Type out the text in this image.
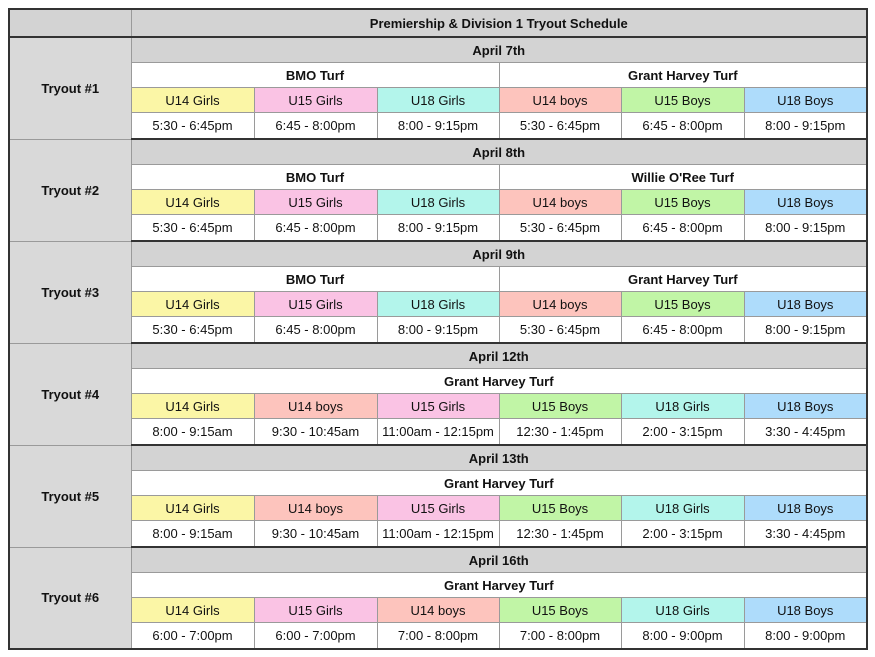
	Premiership & Division 1 Tryout Schedule					
Tryout #1	April 7th					
	BMO Turf			Grant Harvey Turf		
	U14 Girls	U15 Girls	U18 Girls	U14 boys	U15 Boys	U18 Boys
	5:30 - 6:45pm	6:45 - 8:00pm	8:00 - 9:15pm	5:30 - 6:45pm	6:45 - 8:00pm	8:00 - 9:15pm
Tryout #2	April 8th					
	BMO Turf			Willie O'Ree Turf		
	U14 Girls	U15 Girls	U18 Girls	U14 boys	U15 Boys	U18 Boys
	5:30 - 6:45pm	6:45 - 8:00pm	8:00 - 9:15pm	5:30 - 6:45pm	6:45 - 8:00pm	8:00 - 9:15pm
Tryout #3	April 9th					
	BMO Turf			Grant Harvey Turf		
	U14 Girls	U15 Girls	U18 Girls	U14 boys	U15 Boys	U18 Boys
	5:30 - 6:45pm	6:45 - 8:00pm	8:00 - 9:15pm	5:30 - 6:45pm	6:45 - 8:00pm	8:00 - 9:15pm
Tryout #4	April 12th					
	Grant Harvey Turf					
	U14 Girls	U14 boys	U15 Girls	U15 Boys	U18 Girls	U18 Boys
	8:00 - 9:15am	9:30 - 10:45am	11:00am - 12:15pm	12:30 - 1:45pm	2:00 - 3:15pm	3:30 - 4:45pm
Tryout #5	April 13th					
	Grant Harvey Turf					
	U14 Girls	U14 boys	U15 Girls	U15 Boys	U18 Girls	U18 Boys
	8:00 - 9:15am	9:30 - 10:45am	11:00am - 12:15pm	12:30 - 1:45pm	2:00 - 3:15pm	3:30 - 4:45pm
Tryout #6	April 16th					
	Grant Harvey Turf					
	U14 Girls	U15 Girls	U14 boys	U15 Boys	U18 Girls	U18 Boys
	6:00 - 7:00pm	6:00 - 7:00pm	7:00 - 8:00pm	7:00 - 8:00pm	8:00 - 9:00pm	8:00 - 9:00pm
